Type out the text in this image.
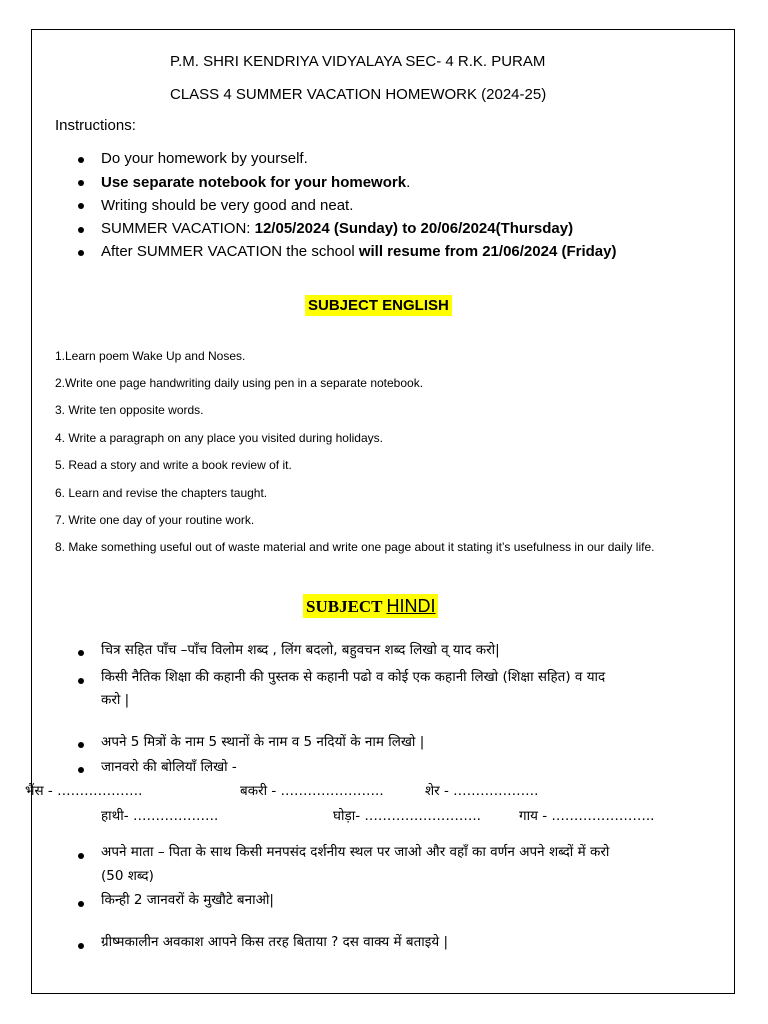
P.M. SHRI KENDRIYA VIDYALAYA SEC- 4 R.K. PURAM
CLASS 4 SUMMER VACATION HOMEWORK (2024-25)
Instructions:
Do your homework by yourself.
Use separate notebook for your homework.
Writing should be very good and neat.
SUMMER VACATION: 12/05/2024 (Sunday) to 20/06/2024(Thursday)
After SUMMER VACATION the school will resume from 21/06/2024 (Friday)
SUBJECT ENGLISH
1.Learn poem Wake Up and Noses.
2.Write one page handwriting daily using pen in a separate notebook.
3. Write ten opposite words.
4. Write a paragraph on any place you visited during holidays.
5. Read a story and write a book review of it.
6. Learn and revise the chapters taught.
7. Write one day of your routine work.
8. Make something useful out of waste material and write one page about it stating it’s usefulness in our daily life.
SUBJECT HINDI
चित्र सहित पाँच –पाँच विलोम शब्द , लिंग बदलो, बहुवचन शब्द लिखो व् याद करो|
किसी नैतिक शिक्षा की कहानी की पुस्तक से कहानी पढो व कोई एक कहानी लिखो (शिक्षा सहित) व याद
करो |
अपने 5 मित्रों के नाम 5 स्थानों के नाम व 5 नदियों के नाम लिखो |
जानवरो की बोलियाँ लिखो -
भैंस - ……………….	बकरी - …………………..	शेर - ……………….
हाथी- ……………….	घोड़ा- ……………………..	गाय - …………………..
अपने माता – पिता के साथ किसी मनपसंद दर्शनीय स्थल पर जाओ और वहाँ का वर्णन अपने शब्दों में करो
(50 शब्द)
किन्ही 2 जानवरों के मुखौटे बनाओ|
ग्रीष्मकालीन अवकाश आपने किस तरह बिताया ? दस वाक्य में बताइये |
